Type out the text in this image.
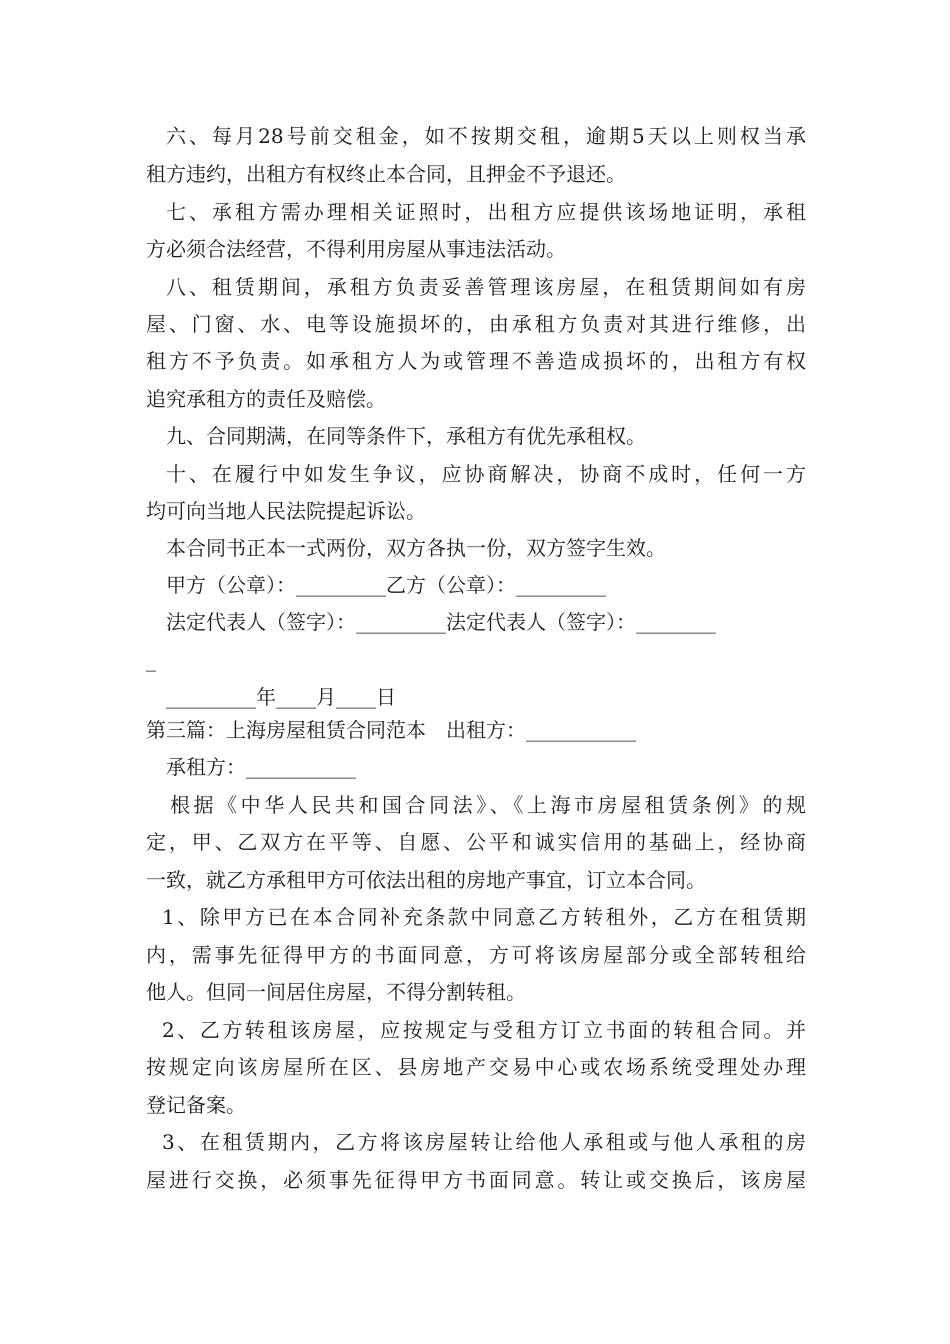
六、每月28号前交租金，如不按期交租，逾期5天以上则权当承
租方违约，出租方有权终止本合同，且押金不予退还。
七、承租方需办理相关证照时，出租方应提供该场地证明，承租
方必须合法经营，不得利用房屋从事违法活动。
八、租赁期间，承租方负责妥善管理该房屋，在租赁期间如有房
屋、门窗、水、电等设施损坏的，由承租方负责对其进行维修，出
租方不予负责。如承租方人为或管理不善造成损坏的，出租方有权
追究承租方的责任及赔偿。
九、合同期满，在同等条件下，承租方有优先承租权。
十、在履行中如发生争议，应协商解决，协商不成时，任何一方
均可向当地人民法院提起诉讼。
本合同书正本一式两份，双方各执一份，双方签字生效。
甲方（公章）：_________乙方（公章）：_________
法定代表人（签字）：_________法定代表人（签字）：________
_
_________年____月____日
第三篇：上海房屋租赁合同范本　出租方：___________
承租方：___________
根据《中华人民共和国合同法》、《上海市房屋租赁条例》的规
定，甲、乙双方在平等、自愿、公平和诚实信用的基础上，经协商
一致，就乙方承租甲方可依法出租的房地产事宜，订立本合同。
1、除甲方已在本合同补充条款中同意乙方转租外，乙方在租赁期
内，需事先征得甲方的书面同意，方可将该房屋部分或全部转租给
他人。但同一间居住房屋，不得分割转租。
2、乙方转租该房屋，应按规定与受租方订立书面的转租合同。并
按规定向该房屋所在区、县房地产交易中心或农场系统受理处办理
登记备案。
3、在租赁期内，乙方将该房屋转让给他人承租或与他人承租的房
屋进行交换，必须事先征得甲方书面同意。转让或交换后，该房屋
